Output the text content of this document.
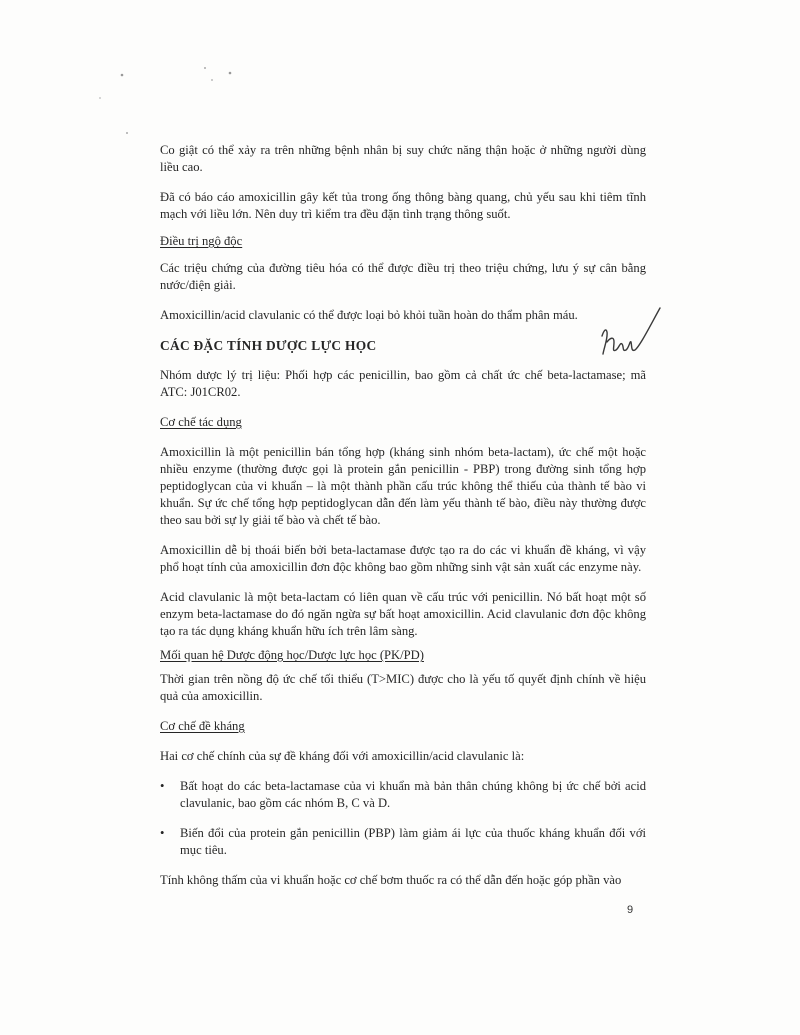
Co giật có thể xảy ra trên những bệnh nhân bị suy chức năng thận hoặc ở những người dùng liều cao.

Đã có báo cáo amoxicillin gây kết tủa trong ống thông bàng quang, chủ yếu sau khi tiêm tĩnh mạch với liều lớn. Nên duy trì kiểm tra đều đặn tình trạng thông suốt.

Điều trị ngộ độc

Các triệu chứng của đường tiêu hóa có thể được điều trị theo triệu chứng, lưu ý sự cân bằng nước/điện giải.

Amoxicillin/acid clavulanic có thể được loại bỏ khỏi tuần hoàn do thẩm phân máu.

CÁC ĐẶC TÍNH DƯỢC LỰC HỌC

Nhóm dược lý trị liệu: Phối hợp các penicillin, bao gồm cả chất ức chế beta-lactamase; mã ATC: J01CR02.

Cơ chế tác dụng

Amoxicillin là một penicillin bán tổng hợp (kháng sinh nhóm beta-lactam), ức chế một hoặc nhiều enzyme (thường được gọi là protein gắn penicillin - PBP) trong đường sinh tổng hợp peptidoglycan của vi khuẩn – là một thành phần cấu trúc không thể thiếu của thành tế bào vi khuẩn. Sự ức chế tổng hợp peptidoglycan dẫn đến làm yếu thành tế bào, điều này thường được theo sau bởi sự ly giải tế bào và chết tế bào.

Amoxicillin dễ bị thoái biến bởi beta-lactamase được tạo ra do các vi khuẩn đề kháng, vì vậy phổ hoạt tính của amoxicillin đơn độc không bao gồm những sinh vật sản xuất các enzyme này.

Acid clavulanic là một beta-lactam có liên quan về cấu trúc với penicillin. Nó bất hoạt một số enzym beta-lactamase do đó ngăn ngừa sự bất hoạt amoxicillin. Acid clavulanic đơn độc không tạo ra tác dụng kháng khuẩn hữu ích trên lâm sàng.

Mối quan hệ Dược động học/Dược lực học (PK/PD)

Thời gian trên nồng độ ức chế tối thiểu (T>MIC) được cho là yếu tố quyết định chính về hiệu quả của amoxicillin.

Cơ chế đề kháng

Hai cơ chế chính của sự đề kháng đối với amoxicillin/acid clavulanic là:

• Bất hoạt do các beta-lactamase của vi khuẩn mà bản thân chúng không bị ức chế bởi acid clavulanic, bao gồm các nhóm B, C và D.
• Biến đổi của protein gắn penicillin (PBP) làm giảm ái lực của thuốc kháng khuẩn đối với mục tiêu.

Tính không thấm của vi khuẩn hoặc cơ chế bơm thuốc ra có thể dẫn đến hoặc góp phần vào

9
